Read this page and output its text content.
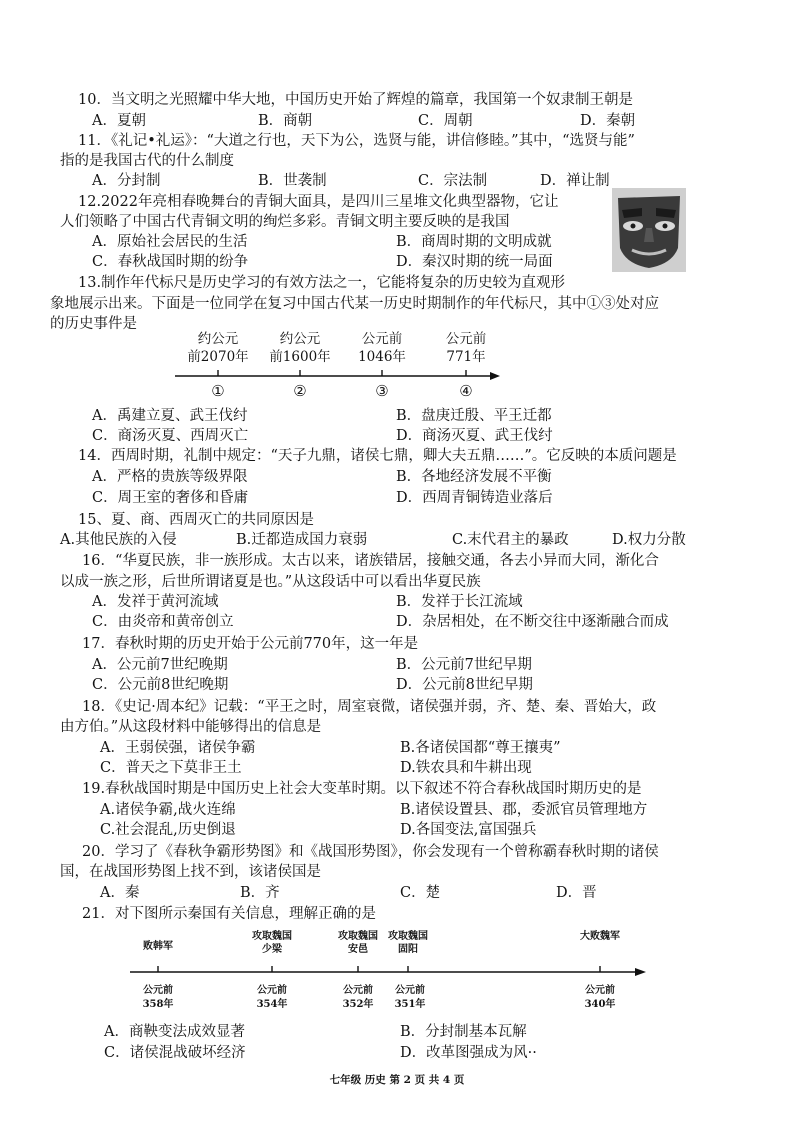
10．当文明之光照耀中华大地，中国历史开始了辉煌的篇章，我国第一个奴隶制王朝是
A．夏朝	B．商朝	C．周朝	D．秦朝
11．《礼记•礼运》：“大道之行也，天下为公，选贤与能，讲信修睦。”其中，“选贤与能”
指的是我国古代的什么制度
A．分封制	B．世袭制	C．宗法制	D．禅让制
12.2022年亮相春晚舞台的青铜大面具，是四川三星堆文化典型器物，它让
人们领略了中国古代青铜文明的绚烂多彩。青铜文明主要反映的是我国
A．原始社会居民的生活	B．商周时期的文明成就
C．春秋战国时期的纷争	D．秦汉时期的统一局面
13.制作年代标尺是历史学习的有效方法之一，它能将复杂的历史较为直观形
象地展示出来。下面是一位同学在复习中国古代某一历史时期制作的年代标尺，其中①③处对应
的历史事件是
约公元
前2070年
约公元
前1600年
公元前
1046年
公元前
771年
①	②	③	④
A．禹建立夏、武王伐纣	B．盘庚迁殷、平王迁都
C．商汤灭夏、西周灭亡	D．商汤灭夏、武王伐纣
14．西周时期，礼制中规定：“天子九鼎，诸侯七鼎，卿大夫五鼎……”。它反映的本质问题是
A．严格的贵族等级界限	B．各地经济发展不平衡
C．周王室的奢侈和昏庸	D．西周青铜铸造业落后
15、夏、商、西周灭亡的共同原因是
A.其他民族的入侵	B.迁都造成国力衰弱	C.末代君主的暴政	D.权力分散
16．“华夏民族，非一族形成。太古以来，诸族错居，接触交通，各去小异而大同，渐化合
以成一族之形，后世所谓诸夏是也。”从这段话中可以看出华夏民族
A．发祥于黄河流域	B．发祥于长江流域
C．由炎帝和黄帝创立	D．杂居相处，在不断交往中逐渐融合而成
17．春秋时期的历史开始于公元前770年，这一年是
A．公元前7世纪晚期	B．公元前7世纪早期
C．公元前8世纪晚期	D．公元前8世纪早期
18．《史记·周本纪》记载：“平王之时，周室衰微，诸侯强并弱，齐、楚、秦、晋始大，政
由方伯。”从这段材料中能够得出的信息是
A．王弱侯强，诸侯争霸	B.各诸侯国都“尊王攘夷”
C．普天之下莫非王土	D.铁农具和牛耕出现
19.春秋战国时期是中国历史上社会大变革时期。以下叙述不符合春秋战国时期历史的是
A.诸侯争霸,战火连绵	B.诸侯设置县、郡，委派官员管理地方
C.社会混乱,历史倒退	D.各国变法,富国强兵
20．学习了《春秋争霸形势图》和《战国形势图》，你会发现有一个曾称霸春秋时期的诸侯
国，在战国形势图上找不到，该诸侯国是
A．秦	B．齐	C．楚	D．晋
21．对下图所示秦国有关信息，理解正确的是
败韩军
攻取魏国少梁
攻取魏国安邑
攻取魏国固阳
大败魏军
公元前
358年
公元前
354年
公元前
352年
公元前
351年
公元前
340年
A．商鞅变法成效显著	B．分封制基本瓦解
C．诸侯混战破坏经济	D．改革图强成为风··
七年级 历史 第 2 页 共 4 页
